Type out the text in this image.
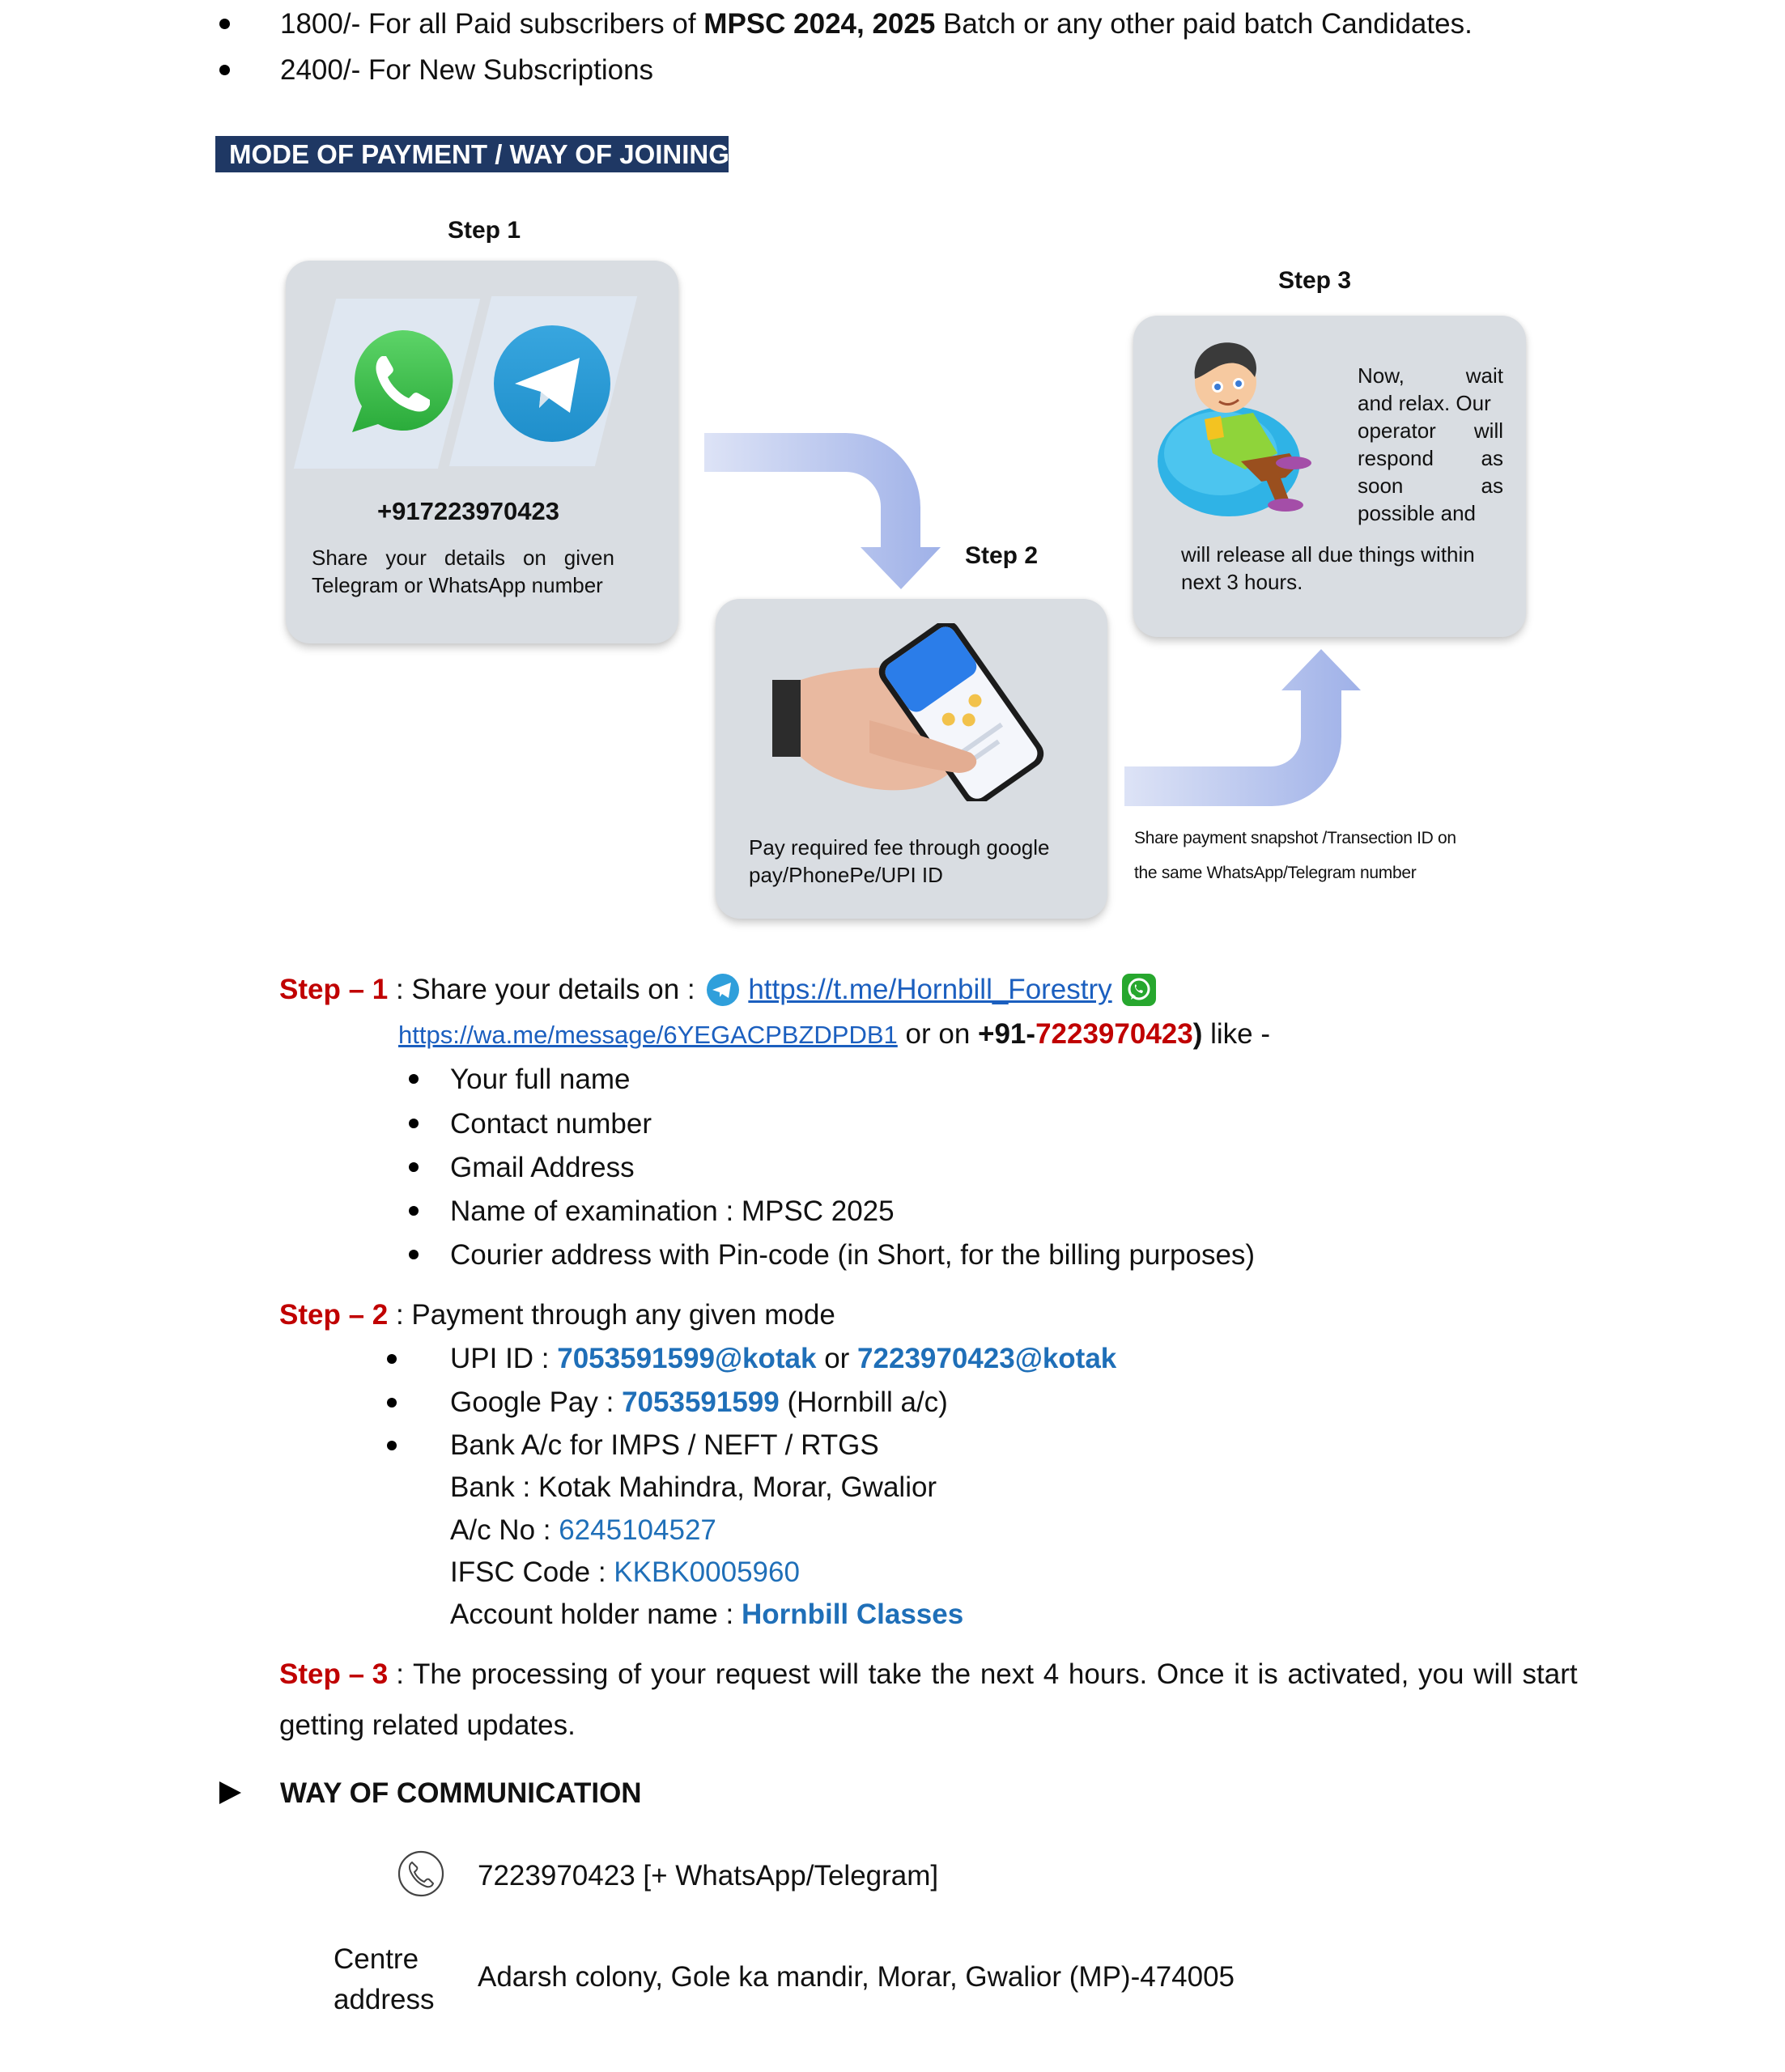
1800/- For all Paid subscribers of MPSC 2024, 2025 Batch or any other paid batch Candidates.
2400/- For New Subscriptions
MODE OF PAYMENT / WAY OF JOINING
Step 1
Step 3
Step 2
+917223970423
Share your details on given
Telegram or WhatsApp number
Now,	wait
and relax. Our
operator will
respond as
soon	as
possible and
will release all due things within
next 3 hours.
Pay required fee through google
pay/PhonePe/UPI ID
Share payment snapshot /Transection ID on
the same WhatsApp/Telegram number
Step – 1 : Share your details on : https://t.me/Hornbill_Forestry
https://wa.me/message/6YEGACPBZDPDB1 or on +91-7223970423) like -
Your full name
Contact number
Gmail Address
Name of examination : MPSC 2025
Courier address with Pin-code (in Short, for the billing purposes)
Step – 2 : Payment through any given mode
UPI ID : 7053591599@kotak or 7223970423@kotak
Google Pay : 7053591599 (Hornbill a/c)
Bank A/c for IMPS / NEFT / RTGS
Bank : Kotak Mahindra, Morar, Gwalior
A/c No : 6245104527
IFSC Code : KKBK0005960
Account holder name : Hornbill Classes
Step – 3 : The processing of your request will take the next 4 hours. Once it is activated, you will start
getting related updates.
WAY OF COMMUNICATION
7223970423 [+ WhatsApp/Telegram]
Centre
address
Adarsh colony, Gole ka mandir, Morar, Gwalior (MP)-474005
